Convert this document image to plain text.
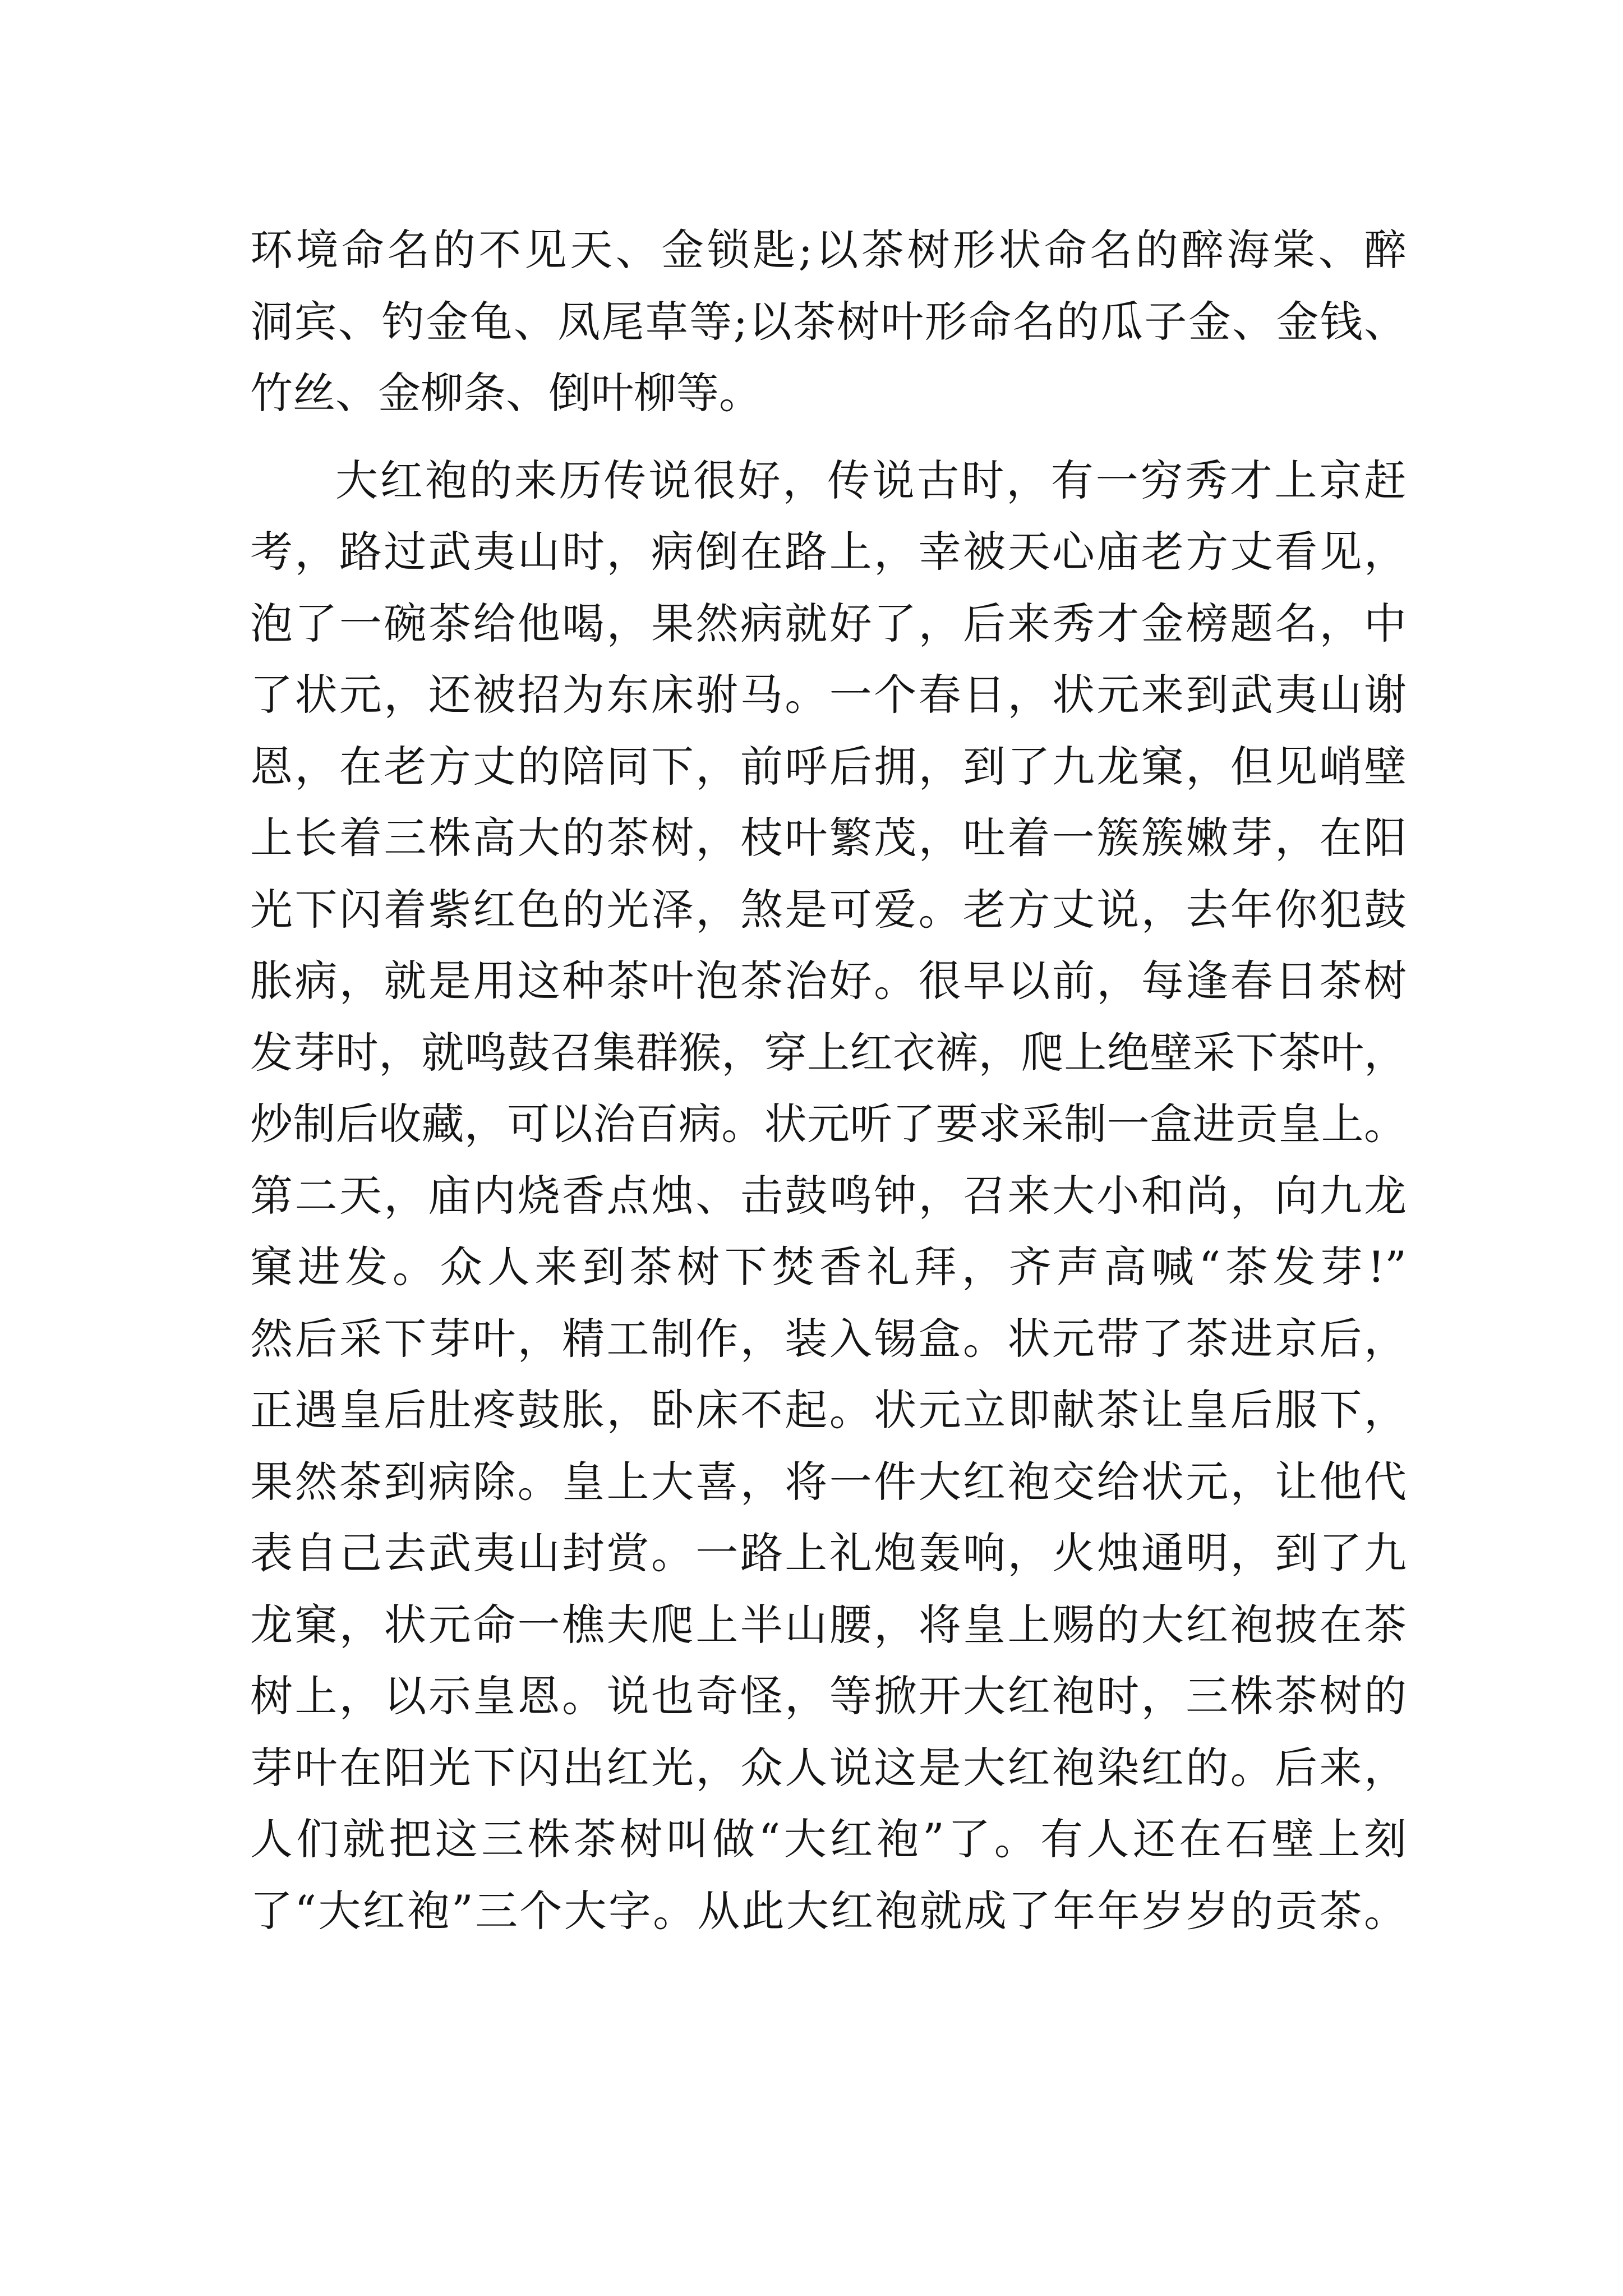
环境命名的不见天、金锁匙;以茶树形状命名的醉海棠、醉
洞宾、钓金龟、凤尾草等;以茶树叶形命名的瓜子金、金钱、
竹丝、金柳条、倒叶柳等。
大红袍的来历传说很好，传说古时，有一穷秀才上京赶
考，路过武夷山时，病倒在路上，幸被天心庙老方丈看见，
泡了一碗茶给他喝，果然病就好了，后来秀才金榜题名，中
了状元，还被招为东床驸马。一个春日，状元来到武夷山谢
恩，在老方丈的陪同下，前呼后拥，到了九龙窠，但见峭壁
上长着三株高大的茶树，枝叶繁茂，吐着一簇簇嫩芽，在阳
光下闪着紫红色的光泽，煞是可爱。老方丈说，去年你犯鼓
胀病，就是用这种茶叶泡茶治好。很早以前，每逢春日茶树
发芽时，就鸣鼓召集群猴，穿上红衣裤，爬上绝壁采下茶叶，
炒制后收藏，可以治百病。状元听了要求采制一盒进贡皇上。
第二天，庙内烧香点烛、击鼓鸣钟，召来大小和尚，向九龙
窠进发。众人来到茶树下焚香礼拜，齐声高喊“茶发芽!”
然后采下芽叶，精工制作，装入锡盒。状元带了茶进京后，
正遇皇后肚疼鼓胀，卧床不起。状元立即献茶让皇后服下，
果然茶到病除。皇上大喜，将一件大红袍交给状元，让他代
表自己去武夷山封赏。一路上礼炮轰响，火烛通明，到了九
龙窠，状元命一樵夫爬上半山腰，将皇上赐的大红袍披在茶
树上，以示皇恩。说也奇怪，等掀开大红袍时，三株茶树的
芽叶在阳光下闪出红光，众人说这是大红袍染红的。后来，
人们就把这三株茶树叫做“大红袍”了。有人还在石壁上刻
了“大红袍”三个大字。从此大红袍就成了年年岁岁的贡茶。
